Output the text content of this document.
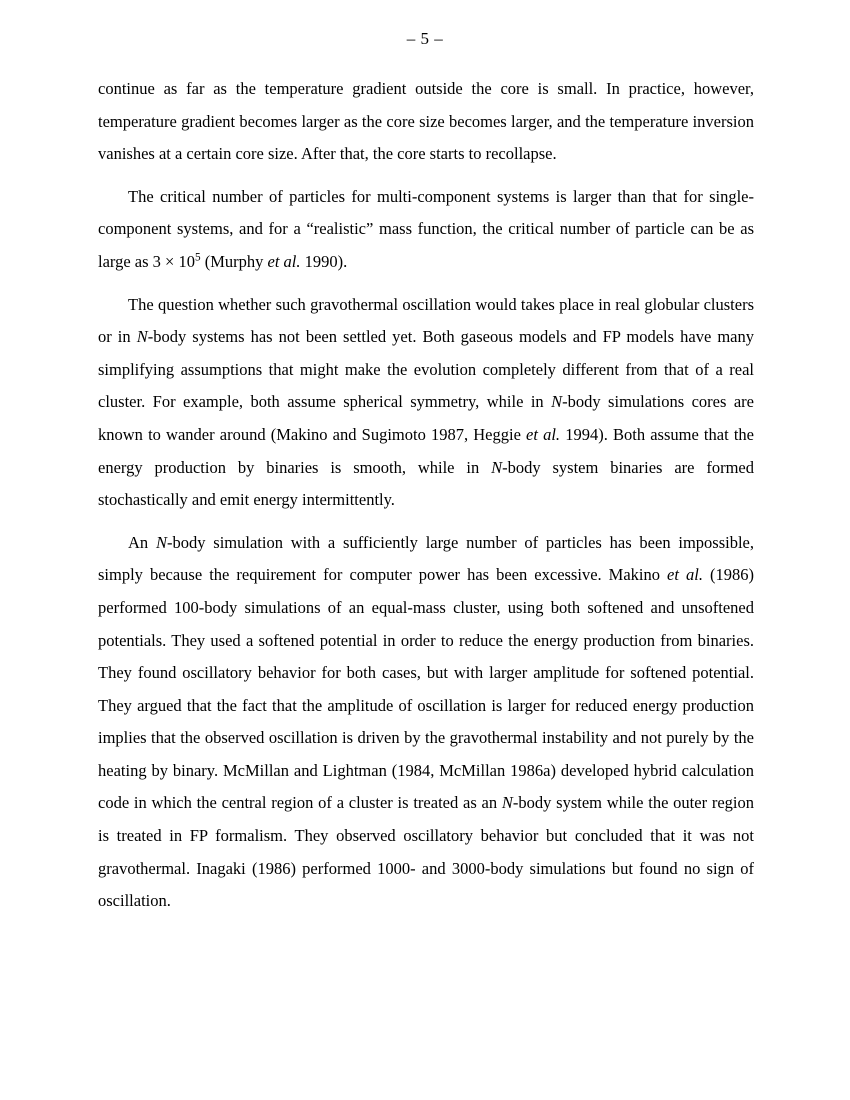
– 5 –

continue as far as the temperature gradient outside the core is small. In practice, however, temperature gradient becomes larger as the core size becomes larger, and the temperature inversion vanishes at a certain core size. After that, the core starts to recollapse.

The critical number of particles for multi-component systems is larger than that for single-component systems, and for a “realistic” mass function, the critical number of particle can be as large as $3 \times 10^5$ (Murphy et al. 1990).

The question whether such gravothermal oscillation would takes place in real globular clusters or in N-body systems has not been settled yet. Both gaseous models and FP models have many simplifying assumptions that might make the evolution completely different from that of a real cluster. For example, both assume spherical symmetry, while in N-body simulations cores are known to wander around (Makino and Sugimoto 1987, Heggie et al. 1994). Both assume that the energy production by binaries is smooth, while in N-body system binaries are formed stochastically and emit energy intermittently.

An N-body simulation with a sufficiently large number of particles has been impossible, simply because the requirement for computer power has been excessive. Makino et al. (1986) performed 100-body simulations of an equal-mass cluster, using both softened and unsoftened potentials. They used a softened potential in order to reduce the energy production from binaries. They found oscillatory behavior for both cases, but with larger amplitude for softened potential. They argued that the fact that the amplitude of oscillation is larger for reduced energy production implies that the observed oscillation is driven by the gravothermal instability and not purely by the heating by binary. McMillan and Lightman (1984, McMillan 1986a) developed hybrid calculation code in which the central region of a cluster is treated as an N-body system while the outer region is treated in FP formalism. They observed oscillatory behavior but concluded that it was not gravothermal. Inagaki (1986) performed 1000- and 3000-body simulations but found no sign of oscillation.
